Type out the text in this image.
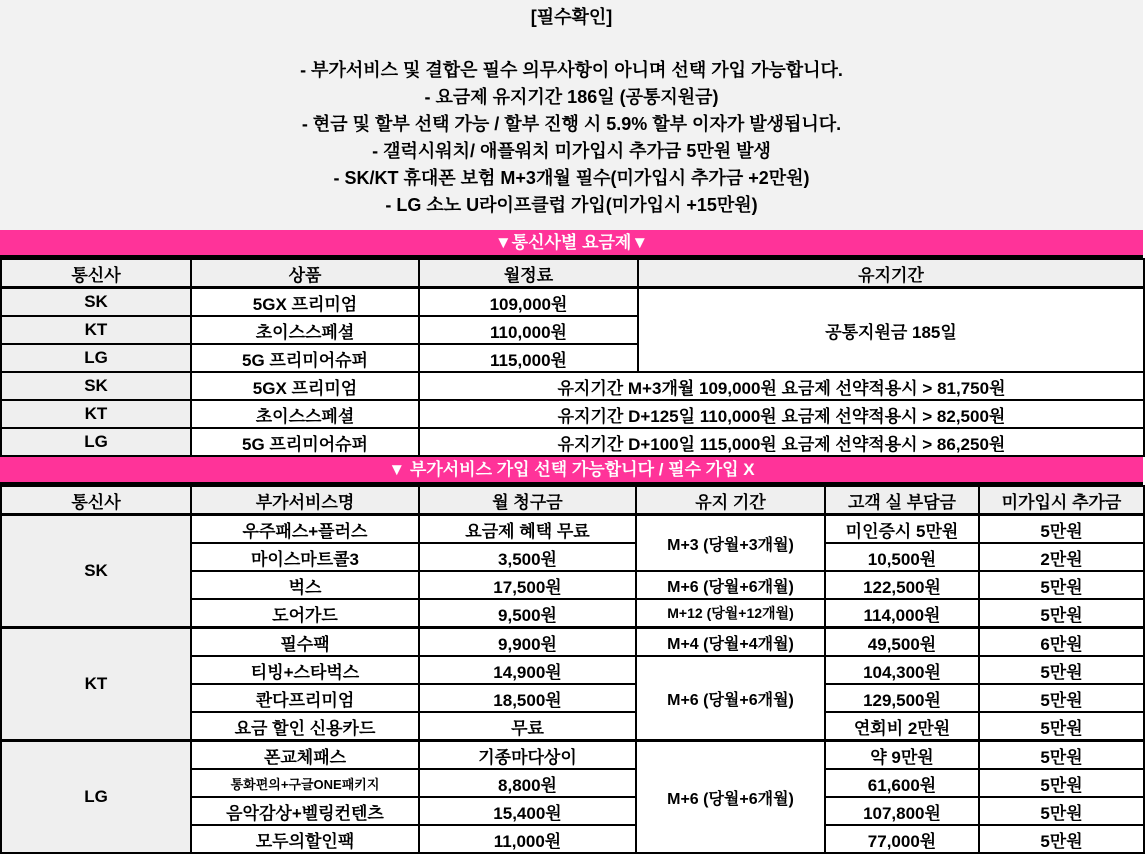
[필수확인]
- 부가서비스 및 결합은 필수 의무사항이 아니며 선택 가입 가능합니다.
- 요금제 유지기간 186일 (공통지원금)
- 현금 및 할부 선택 가능 / 할부 진행 시 5.9% 할부 이자가 발생됩니다.
- 갤럭시워치/ 애플워치 미가입시 추가금 5만원 발생
- SK/KT 휴대폰 보험 M+3개월 필수(미가입시 추가금 +2만원)
- LG 소노 U라이프클럽 가입(미가입시 +15만원)
▼통신사별 요금제▼
통신사	상품	월정료	유지기간
SK	5GX 프리미엄	109,000원	공통지원금 185일
KT	초이스스페셜	110,000원	
LG	5G 프리미어슈퍼	115,000원	
SK	5GX 프리미엄	유지기간 M+3개월 109,000원 요금제 선약적용시 > 81,750원	
KT	초이스스페셜	유지기간 D+125일 110,000원 요금제 선약적용시 > 82,500원	
LG	5G 프리미어슈퍼	유지기간 D+100일 115,000원 요금제 선약적용시 > 86,250원	
▼ 부가서비스 가입 선택 가능합니다 / 필수 가입 X
통신사	부가서비스명	월 청구금	유지 기간	고객 실 부담금	미가입시 추가금
SK	우주패스+플러스	요금제 혜택 무료	M+3 (당월+3개월)	미인증시 5만원	5만원
	마이스마트콜3	3,500원		10,500원	2만원
	벅스	17,500원	M+6 (당월+6개월)	122,500원	5만원
	도어가드	9,500원	M+12 (당월+12개월)	114,000원	5만원
KT	필수팩	9,900원	M+4 (당월+4개월)	49,500원	6만원
	티빙+스타벅스	14,900원	M+6 (당월+6개월)	104,300원	5만원
	콴다프리미엄	18,500원		129,500원	5만원
	요금 할인 신용카드	무료		연회비 2만원	5만원
LG	폰교체패스	기종마다상이	M+6 (당월+6개월)	약 9만원	5만원
	통화편의+구글ONE패키지	8,800원		61,600원	5만원
	음악감상+벨링컨텐츠	15,400원		107,800원	5만원
	모두의할인팩	11,000원		77,000원	5만원
